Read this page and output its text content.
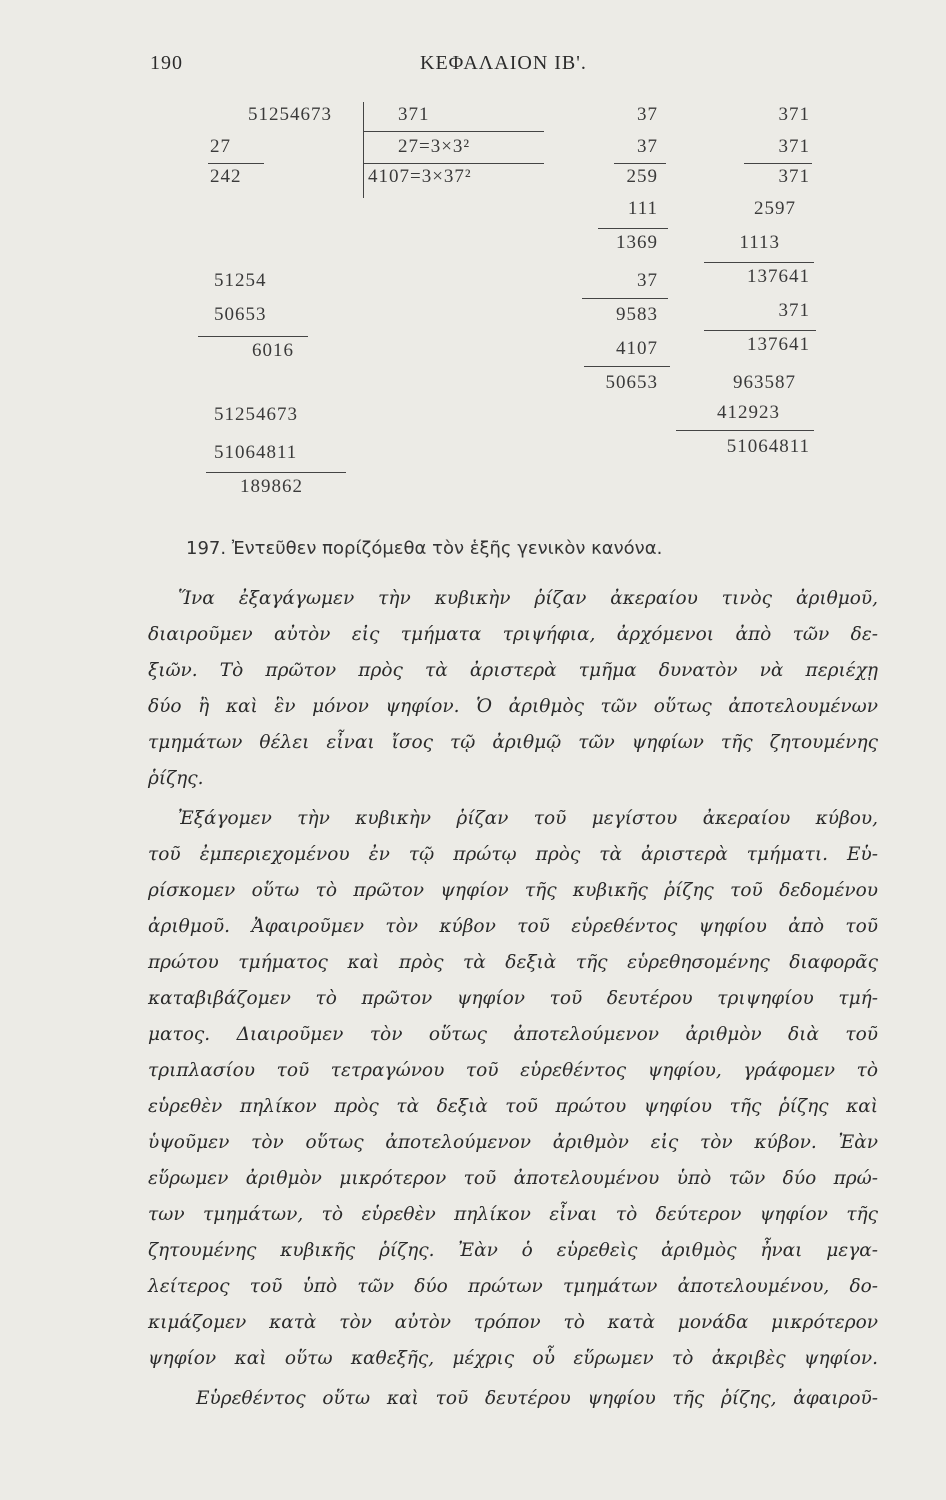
190	ΚΕΦΑΛΑΙΟΝ ΙΒ'.
51254673
27
242
51254
50653
6016
51254673
51064811
189862
371
27=3×3²
4107=3×37²
37
37
259
111
1369
37
9583
4107
50653
371
371
371
2597
1113
137641
371
137641
963587
412923
51064811
197. Ἐντεῦθεν πορίζόμεθα τὸν ἑξῆς γενικὸν κανόνα.
Ἵνα ἐξαγάγωμεν τὴν κυβικὴν ῥίζαν ἀκεραίου τινὸς ἀριθμοῦ,
διαιροῦμεν αὐτὸν εἰς τμήματα τριψήφια, ἀρχόμενοι ἀπὸ τῶν δε-
ξιῶν. Τὸ πρῶτον πρὸς τὰ ἀριστερὰ τμῆμα δυνατὸν νὰ περιέχῃ
δύο ἢ καὶ ἓν μόνον ψηφίον. Ὁ ἀριθμὸς τῶν οὕτως ἀποτελουμένων
τμημάτων θέλει εἶναι ἴσος τῷ ἀριθμῷ τῶν ψηφίων τῆς ζητουμένης
ῥίζης.
Ἐξάγομεν τὴν κυβικὴν ῥίζαν τοῦ μεγίστου ἀκεραίου κύβου,
τοῦ ἐμπεριεχομένου ἐν τῷ πρώτῳ πρὸς τὰ ἀριστερὰ τμήματι. Εὑ-
ρίσκομεν οὕτω τὸ πρῶτον ψηφίον τῆς κυβικῆς ῥίζης τοῦ δεδομένου
ἀριθμοῦ. Ἀφαιροῦμεν τὸν κύβον τοῦ εὑρεθέντος ψηφίου ἀπὸ τοῦ
πρώτου τμήματος καὶ πρὸς τὰ δεξιὰ τῆς εὑρεθησομένης διαφορᾶς
καταβιβάζομεν τὸ πρῶτον ψηφίον τοῦ δευτέρου τριψηφίου τμή-
ματος. Διαιροῦμεν τὸν οὕτως ἀποτελούμενον ἀριθμὸν διὰ τοῦ
τριπλασίου τοῦ τετραγώνου τοῦ εὑρεθέντος ψηφίου, γράφομεν τὸ
εὑρεθὲν πηλίκον πρὸς τὰ δεξιὰ τοῦ πρώτου ψηφίου τῆς ῥίζης καὶ
ὑψοῦμεν τὸν οὕτως ἀποτελούμενον ἀριθμὸν εἰς τὸν κύβον. Ἐὰν
εὕρωμεν ἀριθμὸν μικρότερον τοῦ ἀποτελουμένου ὑπὸ τῶν δύο πρώ-
των τμημάτων, τὸ εὑρεθὲν πηλίκον εἶναι τὸ δεύτερον ψηφίον τῆς
ζητουμένης κυβικῆς ῥίζης. Ἐὰν ὁ εὑρεθεὶς ἀριθμὸς ἦναι μεγα-
λείτερος τοῦ ὑπὸ τῶν δύο πρώτων τμημάτων ἀποτελουμένου, δο-
κιμάζομεν κατὰ τὸν αὐτὸν τρόπον τὸ κατὰ μονάδα μικρότερον
ψηφίον καὶ οὕτω καθεξῆς, μέχρις οὗ εὕρωμεν τὸ ἀκριβὲς ψηφίον.
Εὑρεθέντος οὕτω καὶ τοῦ δευτέρου ψηφίου τῆς ῥίζης, ἀφαιροῦ-
